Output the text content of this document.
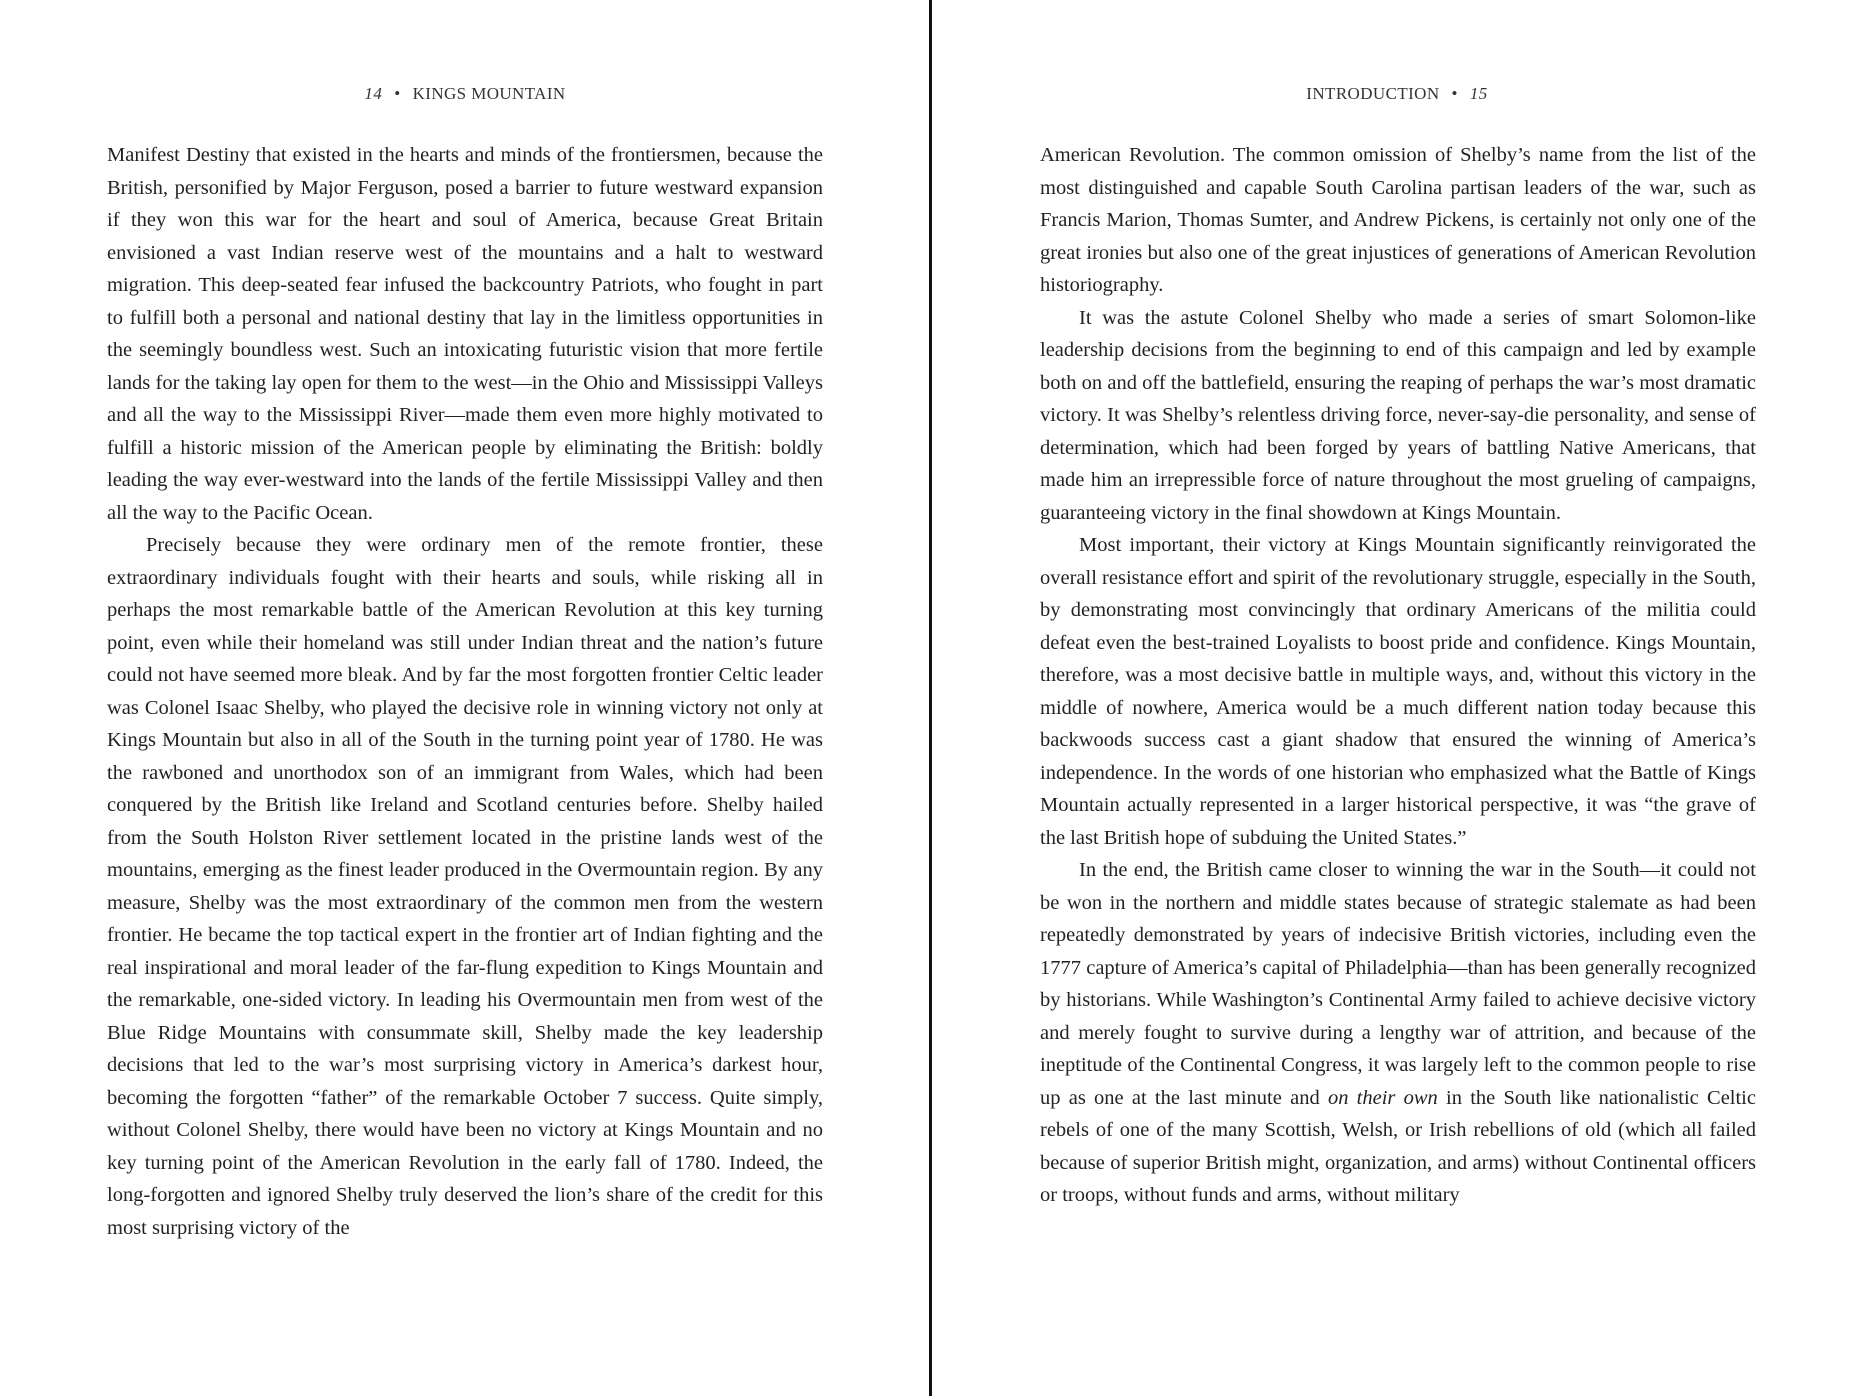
14 • KINGS MOUNTAIN

Manifest Destiny that existed in the hearts and minds of the frontiersmen, because the British, personified by Major Ferguson, posed a barrier to future westward expansion if they won this war for the heart and soul of America, because Great Britain envisioned a vast Indian reserve west of the mountains and a halt to westward migration. This deep-seated fear infused the backcountry Patriots, who fought in part to fulfill both a personal and national destiny that lay in the limitless opportunities in the seemingly boundless west. Such an intoxicating futuristic vision that more fertile lands for the taking lay open for them to the west—in the Ohio and Mississippi Valleys and all the way to the Mississippi River—made them even more highly motivated to fulfill a historic mission of the American people by eliminating the British: boldly leading the way ever-westward into the lands of the fertile Mississippi Valley and then all the way to the Pacific Ocean.

Precisely because they were ordinary men of the remote frontier, these extraordinary individuals fought with their hearts and souls, while risking all in perhaps the most remarkable battle of the American Revolution at this key turning point, even while their homeland was still under Indian threat and the nation’s future could not have seemed more bleak. And by far the most forgotten frontier Celtic leader was Colonel Isaac Shelby, who played the decisive role in winning victory not only at Kings Mountain but also in all of the South in the turning point year of 1780. He was the rawboned and unorthodox son of an immigrant from Wales, which had been conquered by the British like Ireland and Scotland centuries before. Shelby hailed from the South Holston River settlement located in the pristine lands west of the mountains, emerging as the finest leader produced in the Overmountain region. By any measure, Shelby was the most extraordinary of the common men from the western frontier. He became the top tactical expert in the frontier art of Indian fighting and the real inspirational and moral leader of the far-flung expedition to Kings Mountain and the remarkable, one-sided victory. In leading his Overmountain men from west of the Blue Ridge Mountains with consummate skill, Shelby made the key leadership decisions that led to the war’s most surprising victory in America’s darkest hour, becoming the forgotten “father” of the remarkable October 7 success. Quite simply, without Colonel Shelby, there would have been no victory at Kings Mountain and no key turning point of the American Revolution in the early fall of 1780. Indeed, the long-forgotten and ignored Shelby truly deserved the lion’s share of the credit for this most surprising victory of the

INTRODUCTION • 15

American Revolution. The common omission of Shelby’s name from the list of the most distinguished and capable South Carolina partisan leaders of the war, such as Francis Marion, Thomas Sumter, and Andrew Pickens, is certainly not only one of the great ironies but also one of the great injustices of generations of American Revolution historiography.

It was the astute Colonel Shelby who made a series of smart Solomon-like leadership decisions from the beginning to end of this campaign and led by example both on and off the battlefield, ensuring the reaping of perhaps the war’s most dramatic victory. It was Shelby’s relentless driving force, never-say-die personality, and sense of determination, which had been forged by years of battling Native Americans, that made him an irrepressible force of nature throughout the most grueling of campaigns, guaranteeing victory in the final showdown at Kings Mountain.

Most important, their victory at Kings Mountain significantly reinvigorated the overall resistance effort and spirit of the revolutionary struggle, especially in the South, by demonstrating most convincingly that ordinary Americans of the militia could defeat even the best-trained Loyalists to boost pride and confidence. Kings Mountain, therefore, was a most decisive battle in multiple ways, and, without this victory in the middle of nowhere, America would be a much different nation today because this backwoods success cast a giant shadow that ensured the winning of America’s independence. In the words of one historian who emphasized what the Battle of Kings Mountain actually represented in a larger historical perspective, it was “the grave of the last British hope of subduing the United States.”

In the end, the British came closer to winning the war in the South—it could not be won in the northern and middle states because of strategic stalemate as had been repeatedly demonstrated by years of indecisive British victories, including even the 1777 capture of America’s capital of Philadelphia—than has been generally recognized by historians. While Washington’s Continental Army failed to achieve decisive victory and merely fought to survive during a lengthy war of attrition, and because of the ineptitude of the Continental Congress, it was largely left to the common people to rise up as one at the last minute and on their own in the South like nationalistic Celtic rebels of one of the many Scottish, Welsh, or Irish rebellions of old (which all failed because of superior British might, organization, and arms) without Continental officers or troops, without funds and arms, without military
